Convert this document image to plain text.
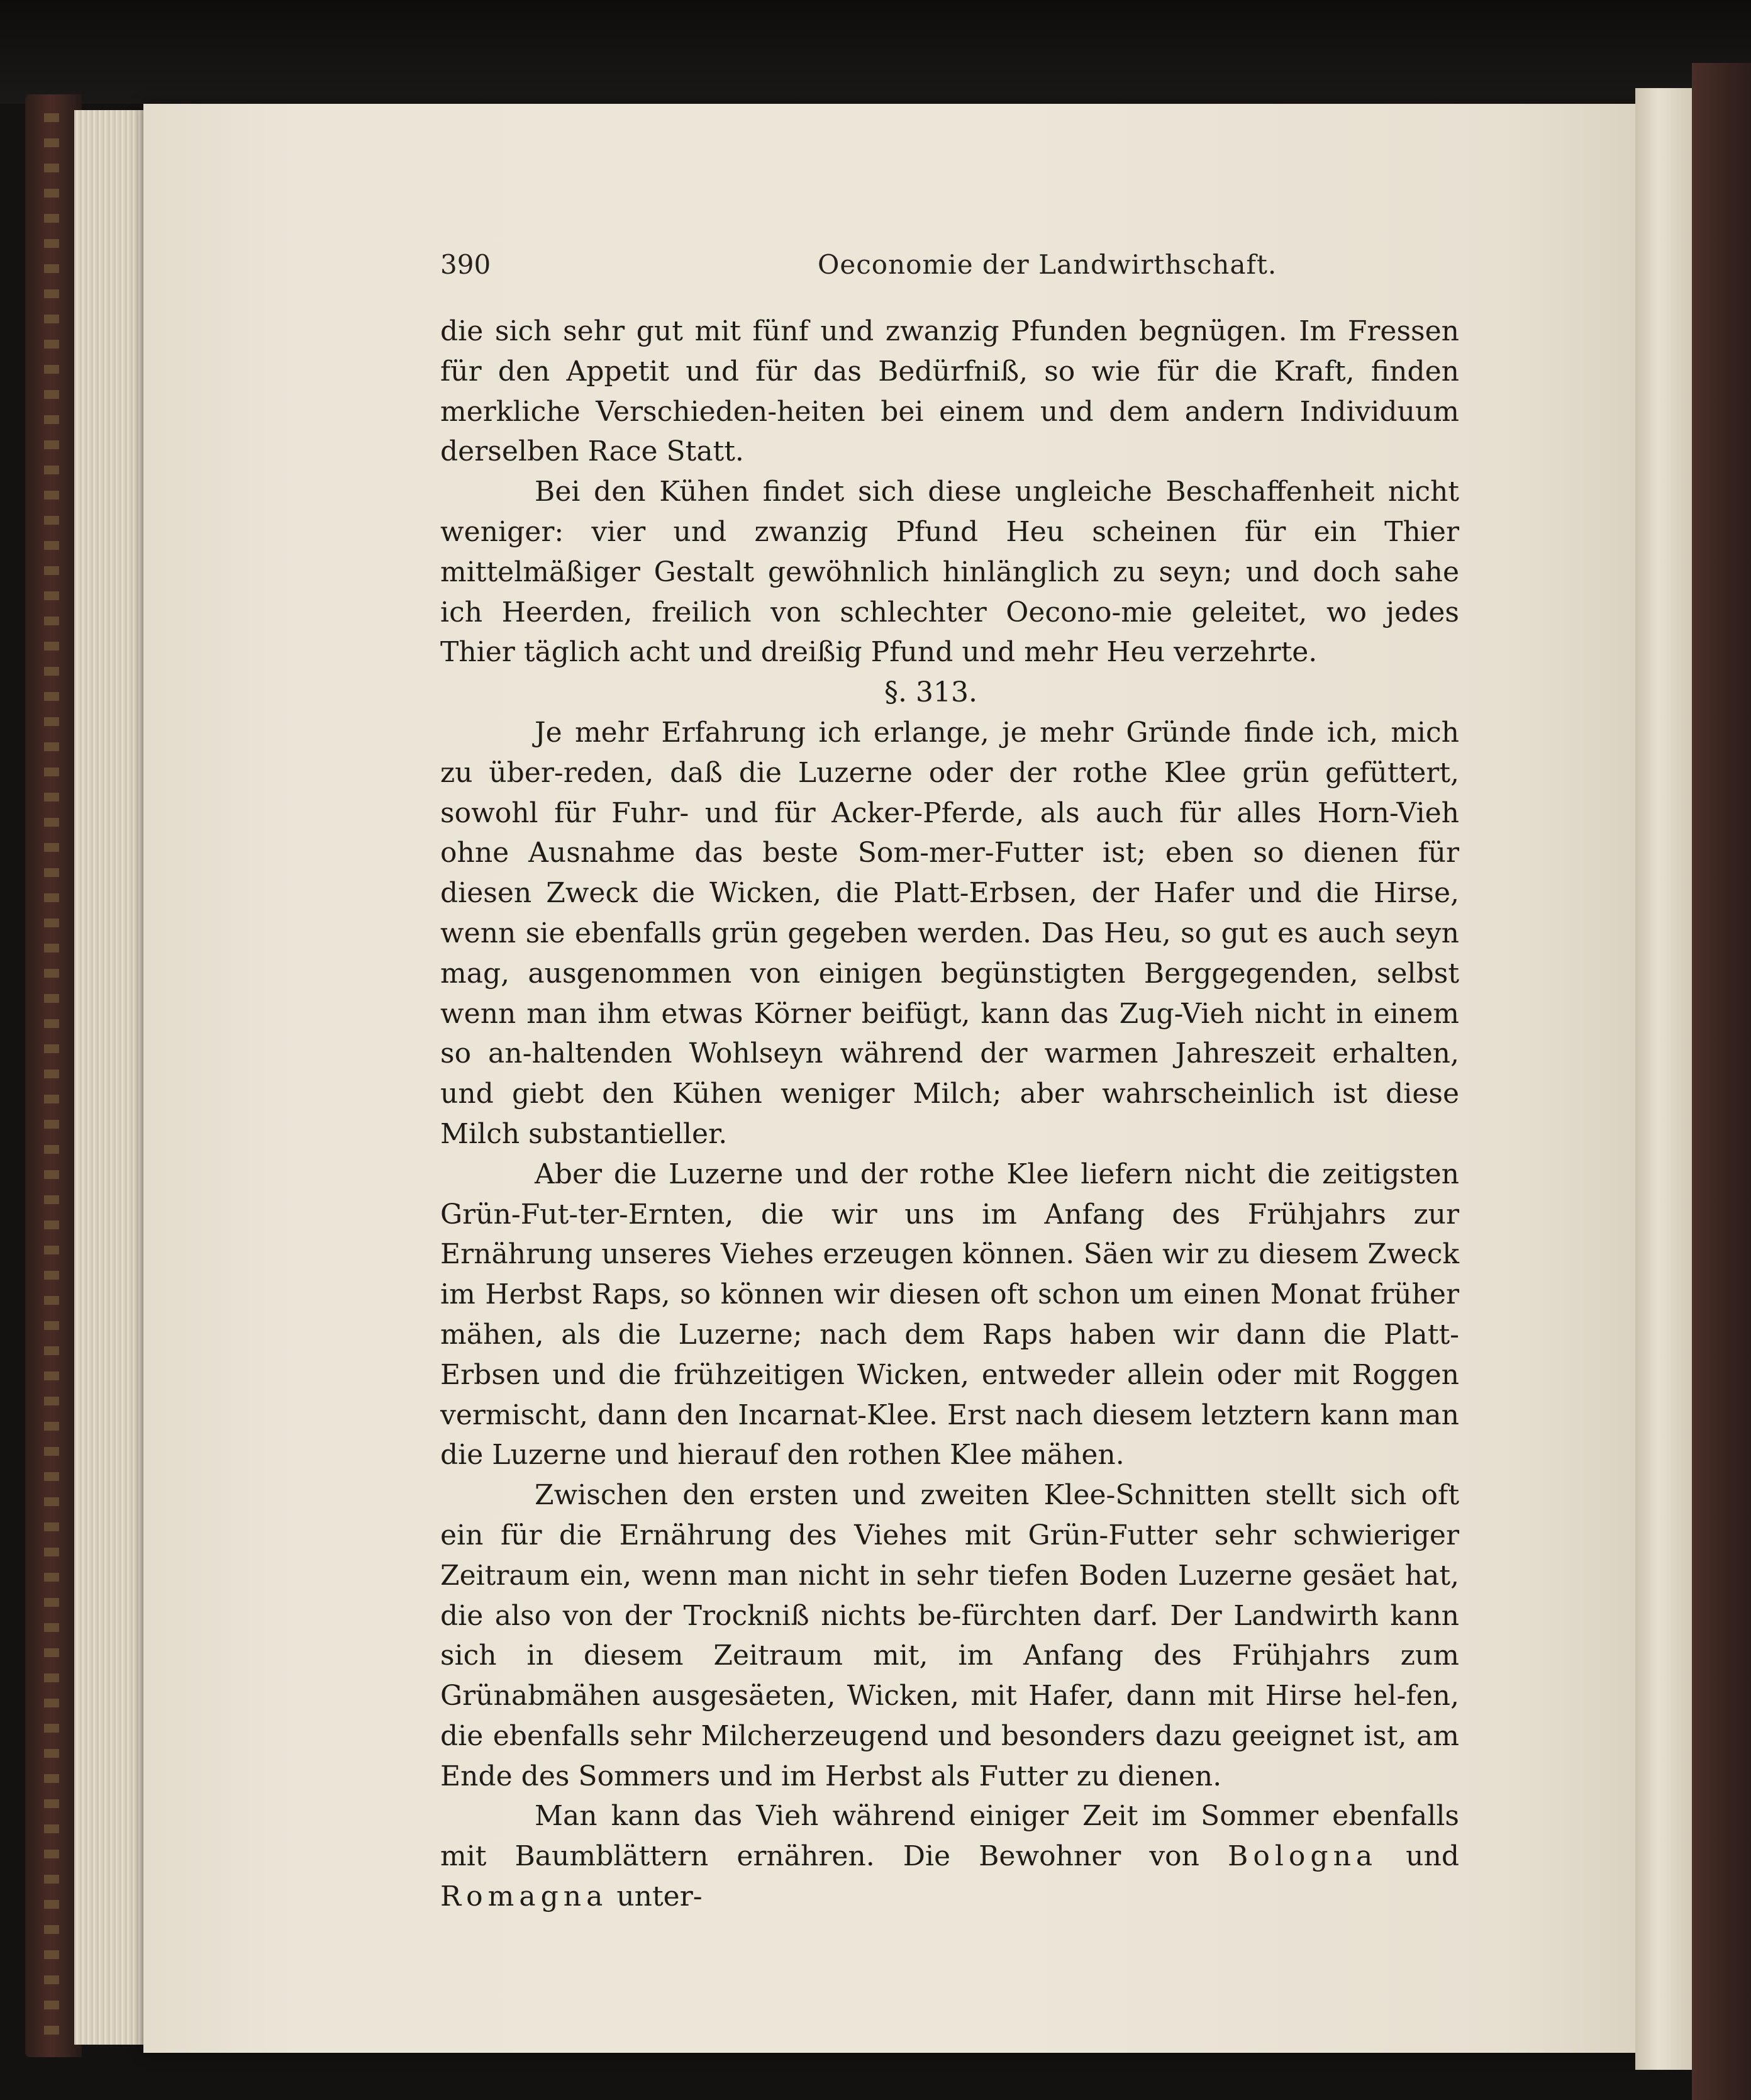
390	Oeconomie der Landwirthschaft.

die sich sehr gut mit fünf und zwanzig Pfunden begnügen. Im Fressen für den Appetit und für das Bedürfniß, so wie für die Kraft, finden merkliche Verschieden-heiten bei einem und dem andern Individuum derselben Race Statt.

Bei den Kühen findet sich diese ungleiche Beschaffenheit nicht weniger: vier und zwanzig Pfund Heu scheinen für ein Thier mittelmäßiger Gestalt gewöhnlich hinlänglich zu seyn; und doch sahe ich Heerden, freilich von schlechter Oecono-mie geleitet, wo jedes Thier täglich acht und dreißig Pfund und mehr Heu verzehrte.

§. 313.

Je mehr Erfahrung ich erlange, je mehr Gründe finde ich, mich zu über-reden, daß die Luzerne oder der rothe Klee grün gefüttert, sowohl für Fuhr- und für Acker-Pferde, als auch für alles Horn-Vieh ohne Ausnahme das beste Som-mer-Futter ist; eben so dienen für diesen Zweck die Wicken, die Platt-Erbsen, der Hafer und die Hirse, wenn sie ebenfalls grün gegeben werden. Das Heu, so gut es auch seyn mag, ausgenommen von einigen begünstigten Berggegenden, selbst wenn man ihm etwas Körner beifügt, kann das Zug-Vieh nicht in einem so an-haltenden Wohlseyn während der warmen Jahreszeit erhalten, und giebt den Kühen weniger Milch; aber wahrscheinlich ist diese Milch substantieller.

Aber die Luzerne und der rothe Klee liefern nicht die zeitigsten Grün-Fut-ter-Ernten, die wir uns im Anfang des Frühjahrs zur Ernährung unseres Viehes erzeugen können. Säen wir zu diesem Zweck im Herbst Raps, so können wir diesen oft schon um einen Monat früher mähen, als die Luzerne; nach dem Raps haben wir dann die Platt-Erbsen und die frühzeitigen Wicken, entweder allein oder mit Roggen vermischt, dann den Incarnat-Klee. Erst nach diesem letztern kann man die Luzerne und hierauf den rothen Klee mähen.

Zwischen den ersten und zweiten Klee-Schnitten stellt sich oft ein für die Ernährung des Viehes mit Grün-Futter sehr schwieriger Zeitraum ein, wenn man nicht in sehr tiefen Boden Luzerne gesäet hat, die also von der Trockniß nichts be-fürchten darf. Der Landwirth kann sich in diesem Zeitraum mit, im Anfang des Frühjahrs zum Grünabmähen ausgesäeten, Wicken, mit Hafer, dann mit Hirse hel-fen, die ebenfalls sehr Milcherzeugend und besonders dazu geeignet ist, am Ende des Sommers und im Herbst als Futter zu dienen.

Man kann das Vieh während einiger Zeit im Sommer ebenfalls mit Baumblättern ernähren. Die Bewohner von Bologna und Romagna unter-
